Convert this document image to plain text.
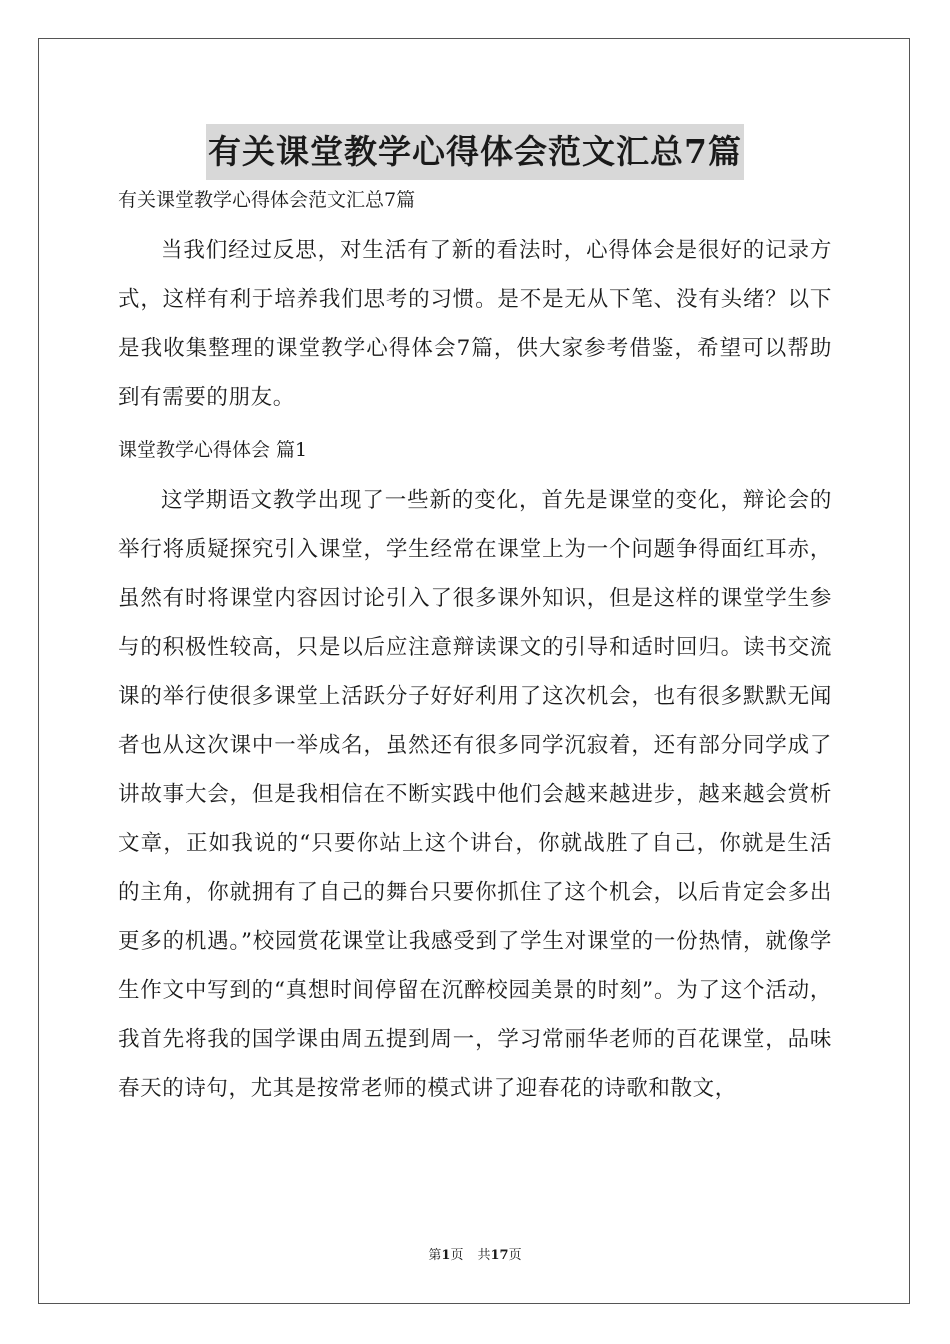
有关课堂教学心得体会范文汇总7篇
有关课堂教学心得体会范文汇总7篇

当我们经过反思，对生活有了新的看法时，心得体会是很好的记录方式，这样有利于培养我们思考的习惯。是不是无从下笔、没有头绪？以下是我收集整理的课堂教学心得体会7篇，供大家参考借鉴，希望可以帮助到有需要的朋友。

课堂教学心得体会 篇1

这学期语文教学出现了一些新的变化，首先是课堂的变化，辩论会的举行将质疑探究引入课堂，学生经常在课堂上为一个问题争得面红耳赤，虽然有时将课堂内容因讨论引入了很多课外知识，但是这样的课堂学生参与的积极性较高，只是以后应注意辩读课文的引导和适时回归。读书交流课的举行使很多课堂上活跃分子好好利用了这次机会，也有很多默默无闻者也从这次课中一举成名，虽然还有很多同学沉寂着，还有部分同学成了讲故事大会，但是我相信在不断实践中他们会越来越进步，越来越会赏析文章，正如我说的“只要你站上这个讲台，你就战胜了自己，你就是生活的主角，你就拥有了自己的舞台只要你抓住了这个机会，以后肯定会多出更多的机遇。”校园赏花课堂让我感受到了学生对课堂的一份热情，就像学生作文中写到的“真想时间停留在沉醉校园美景的时刻”。为了这个活动，我首先将我的国学课由周五提到周一，学习常丽华老师的百花课堂，品味春天的诗句，尤其是按常老师的模式讲了迎春花的诗歌和散文，

第1页 共17页
